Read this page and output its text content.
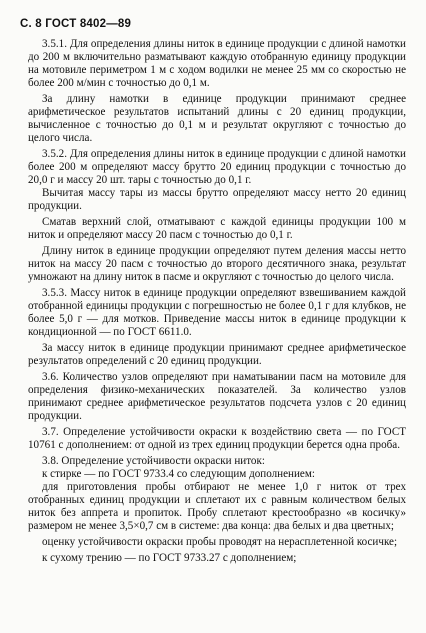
С. 8 ГОСТ 8402—89

3.5.1. Для определения длины ниток в единице продукции с длиной намотки до 200 м включительно разматывают каждую отобранную единицу продукции на мотовиле периметром 1 м с ходом водилки не менее 25 мм со скоростью не более 200 м/мин с точностью до 0,1 м.

За длину намотки в единице продукции принимают среднее арифметическое результатов испытаний длины с 20 единиц продукции, вычисленное с точностью до 0,1 м и результат округляют с точностью до целого числа.

3.5.2. Для определения длины ниток в единице продукции с длиной намотки более 200 м определяют массу брутто 20 единиц продукции с точностью до 20,0 г и массу 20 шт. тары с точностью до 0,1 г.

Вычитая массу тары из массы брутто определяют массу нетто 20 единиц продукции.

Сматав верхний слой, отматывают с каждой единицы продукции 100 м ниток и определяют массу 20 пасм с точностью до 0,1 г.

Длину ниток в единице продукции определяют путем деления массы нетто ниток на массу 20 пасм с точностью до второго десятичного знака, результат умножают на длину ниток в пасме и округляют с точностью до целого числа.

3.5.3. Массу ниток в единице продукции определяют взвешиванием каждой отобранной единицы продукции с погрешностью не более 0,1 г для клубков, не более 5,0 г — для мотков. Приведение массы ниток в единице продукции к кондиционной — по ГОСТ 6611.0.

За массу ниток в единице продукции принимают среднее арифметическое результатов определений с 20 единиц продукции.

3.6. Количество узлов определяют при наматывании пасм на мотовиле для определения физико-механических показателей. За количество узлов принимают среднее арифметическое результатов подсчета узлов с 20 единиц продукции.

3.7. Определение устойчивости окраски к воздействию света — по ГОСТ 10761 с дополнением: от одной из трех единиц продукции берется одна проба.

3.8. Определение устойчивости окраски ниток:

к стирке — по ГОСТ 9733.4 со следующим дополнением:

для приготовления пробы отбирают не менее 1,0 г ниток от трех отобранных единиц продукции и сплетают их с равным количеством белых ниток без аппрета и пропиток. Пробу сплетают крестообразно «в косичку» размером не менее 3,5×0,7 см в системе: два конца: два белых и два цветных;

оценку устойчивости окраски пробы проводят на нерасплетенной косичке;

к сухому трению — по ГОСТ 9733.27 с дополнением;
